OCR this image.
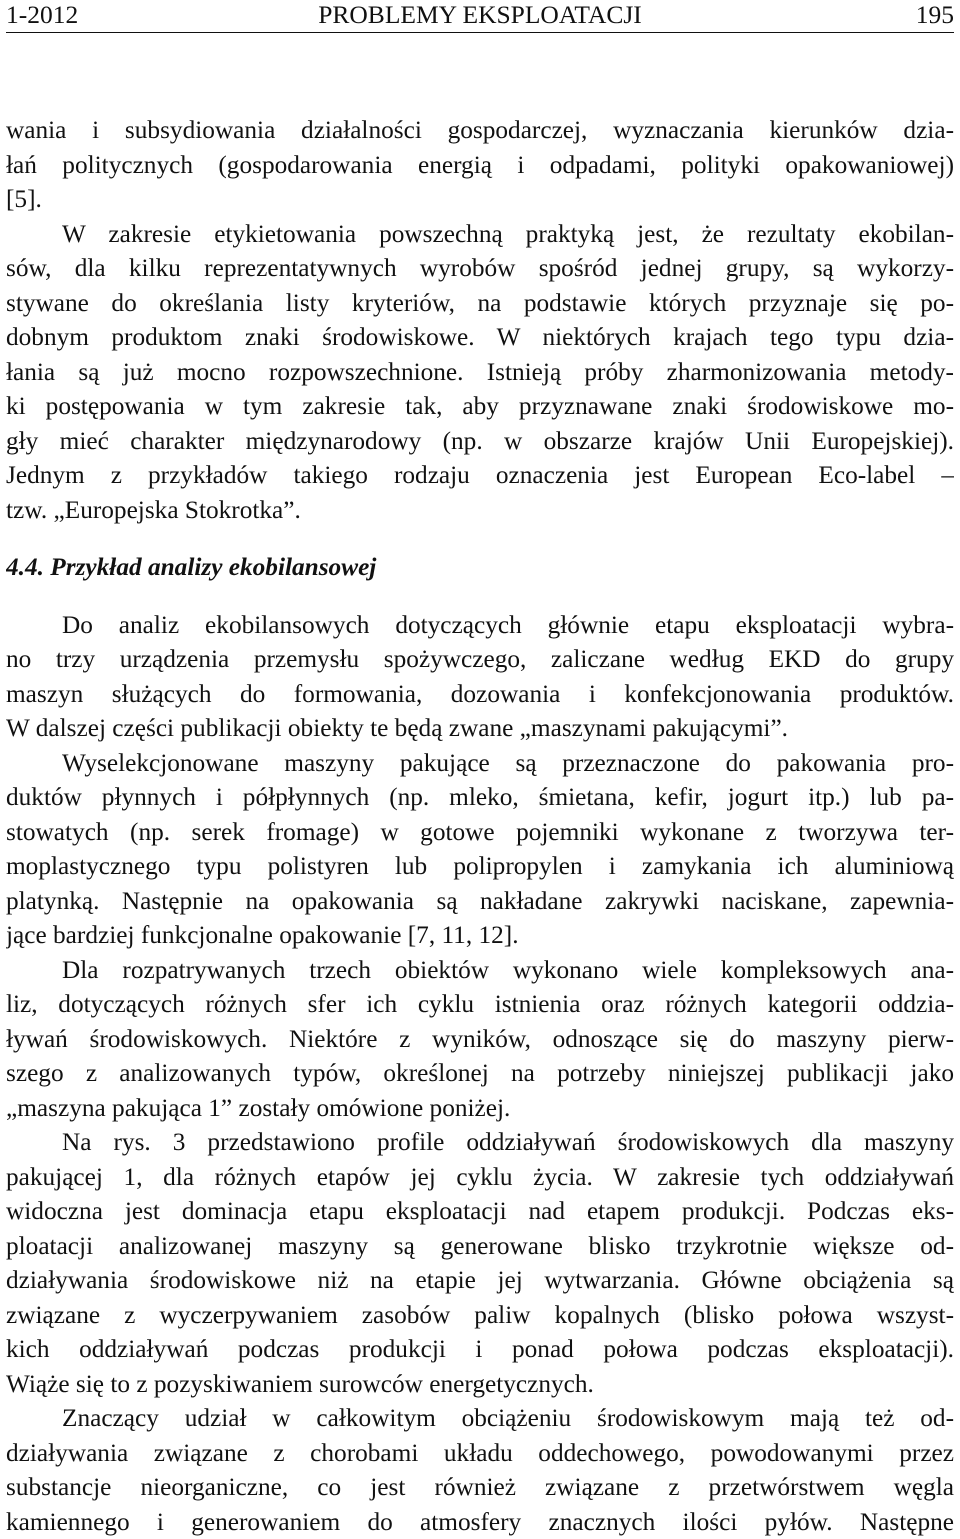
1-2012	PROBLEMY EKSPLOATACJI	195
wania i subsydiowania działalności gospodarczej, wyznaczania kierunków dzia-
łań politycznych (gospodarowania energią i odpadami, polityki opakowaniowej)
[5].
W zakresie etykietowania powszechną praktyką jest, że rezultaty ekobilan-
sów, dla kilku reprezentatywnych wyrobów spośród jednej grupy, są wykorzy-
stywane do określania listy kryteriów, na podstawie których przyznaje się po-
dobnym produktom znaki środowiskowe. W niektórych krajach tego typu dzia-
łania są już mocno rozpowszechnione. Istnieją próby zharmonizowania metody-
ki postępowania w tym zakresie tak, aby przyznawane znaki środowiskowe mo-
gły mieć charakter międzynarodowy (np. w obszarze krajów Unii Europejskiej).
Jednym z przykładów takiego rodzaju oznaczenia jest European Eco-label –
tzw. „Europejska Stokrotka”.
4.4. Przykład analizy ekobilansowej
Do analiz ekobilansowych dotyczących głównie etapu eksploatacji wybra-
no trzy urządzenia przemysłu spożywczego, zaliczane według EKD do grupy
maszyn służących do formowania, dozowania i konfekcjonowania produktów.
W dalszej części publikacji obiekty te będą zwane „maszynami pakującymi”.
Wyselekcjonowane maszyny pakujące są przeznaczone do pakowania pro-
duktów płynnych i półpłynnych (np. mleko, śmietana, kefir, jogurt itp.) lub pa-
stowatych (np. serek fromage) w gotowe pojemniki wykonane z tworzywa ter-
moplastycznego typu polistyren lub polipropylen i zamykania ich aluminiową
platynką. Następnie na opakowania są nakładane zakrywki naciskane, zapewnia-
jące bardziej funkcjonalne opakowanie [7, 11, 12].
Dla rozpatrywanych trzech obiektów wykonano wiele kompleksowych ana-
liz, dotyczących różnych sfer ich cyklu istnienia oraz różnych kategorii oddzia-
ływań środowiskowych. Niektóre z wyników, odnoszące się do maszyny pierw-
szego z analizowanych typów, określonej na potrzeby niniejszej publikacji jako
„maszyna pakująca 1” zostały omówione poniżej.
Na rys. 3 przedstawiono profile oddziaływań środowiskowych dla maszyny
pakującej 1, dla różnych etapów jej cyklu życia. W zakresie tych oddziaływań
widoczna jest dominacja etapu eksploatacji nad etapem produkcji. Podczas eks-
ploatacji analizowanej maszyny są generowane blisko trzykrotnie większe od-
działywania środowiskowe niż na etapie jej wytwarzania. Główne obciążenia są
związane z wyczerpywaniem zasobów paliw kopalnych (blisko połowa wszyst-
kich oddziaływań podczas produkcji i ponad połowa podczas eksploatacji).
Wiąże się to z pozyskiwaniem surowców energetycznych.
Znaczący udział w całkowitym obciążeniu środowiskowym mają też od-
działywania związane z chorobami układu oddechowego, powodowanymi przez
substancje nieorganiczne, co jest również związane z przetwórstwem węgla
kamiennego i generowaniem do atmosfery znacznych ilości pyłów. Następne
